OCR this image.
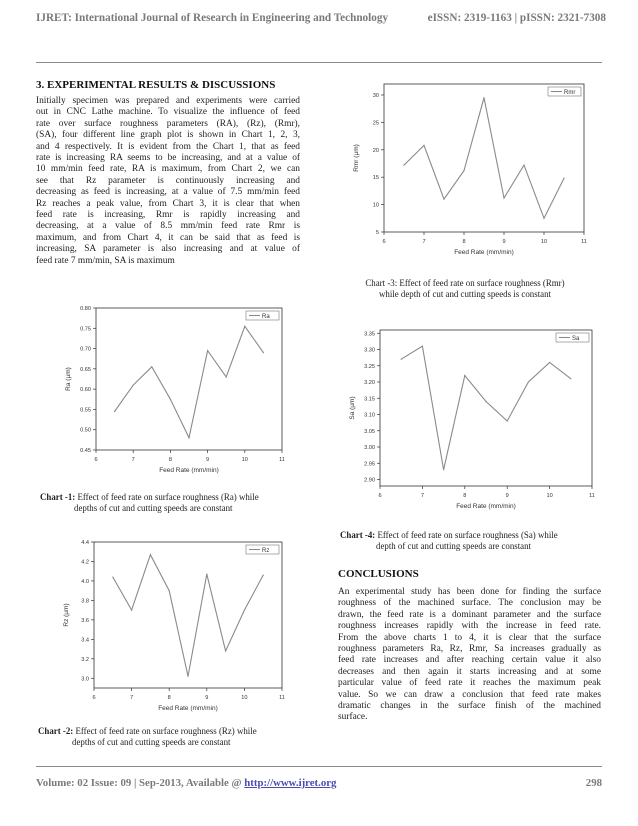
IJRET: International Journal of Research in Engineering and Technology	eISSN: 2319-1163 | pISSN: 2321-7308
3. EXPERIMENTAL RESULTS & DISCUSSIONS
Initially specimen was prepared and experiments were carried
out in CNC Lathe machine. To visualize the influence of feed
rate over surface roughness parameters (RA), (Rz), (Rmr),
(SA), four different line graph plot is shown in Chart 1, 2, 3,
and 4 respectively. It is evident from the Chart 1, that as feed
rate is increasing RA seems to be increasing, and at a value of
10 mm/min feed rate, RA is maximum, from Chart 2, we can
see that Rz parameter is continuously increasing and
decreasing as feed is increasing, at a value of 7.5 mm/min feed
Rz reaches a peak value, from Chart 3, it is clear that when
feed rate is increasing, Rmr is rapidly increasing and
decreasing, at a value of 8.5 mm/min feed rate Rmr is
maximum, and from Chart 4, it can be said that as feed is
increasing, SA parameter is also increasing and at value of
feed rate 7 mm/min, SA is maximum
6	7	8	9	10	11
0.45
0.50
0.55
0.60
0.65
0.70
0.75
0.80
Feed Rate (mm/min)
Ra (µm)
Ra
Chart -1: Effect of feed rate on surface roughness (Ra) while
depths of cut and cutting speeds are constant
6	7	8	9	10	11
3.0
3.2
3.4
3.6
3.8
4.0
4.2
4.4
Feed Rate (mm/min)
Rz (µm)
Rz
Chart -2: Effect of feed rate on surface roughness (Rz) while
depths of cut and cutting speeds are constant
6	7	8	9	10	11
5
10
15
20
25
30
Feed Rate (mm/min)
Rmr (µm)
Rmr
Chart -3: Effect of feed rate on surface roughness (Rmr)
while depth of cut and cutting speeds is constant
6	7	8	9	10	11
2.90
2.95
3.00
3.05
3.10
3.15
3.20
3.25
3.30
3.35
Feed Rate (mm/min)
Sa (µm)
Sa
Chart -4: Effect of feed rate on surface roughness (Sa) while
depth of cut and cutting speeds are constant
CONCLUSIONS
An experimental study has been done for finding the surface
roughness of the machined surface. The conclusion may be
drawn, the feed rate is a dominant parameter and the surface
roughness increases rapidly with the increase in feed rate.
From the above charts 1 to 4, it is clear that the surface
roughness parameters Ra, Rz, Rmr, Sa increases gradually as
feed rate increases and after reaching certain value it also
decreases and then again it starts increasing and at some
particular value of feed rate it reaches the maximum peak
value. So we can draw a conclusion that feed rate makes
dramatic changes in the surface finish of the machined
surface.
Volume: 02 Issue: 09 | Sep-2013, Available @ http://www.ijret.org	298
